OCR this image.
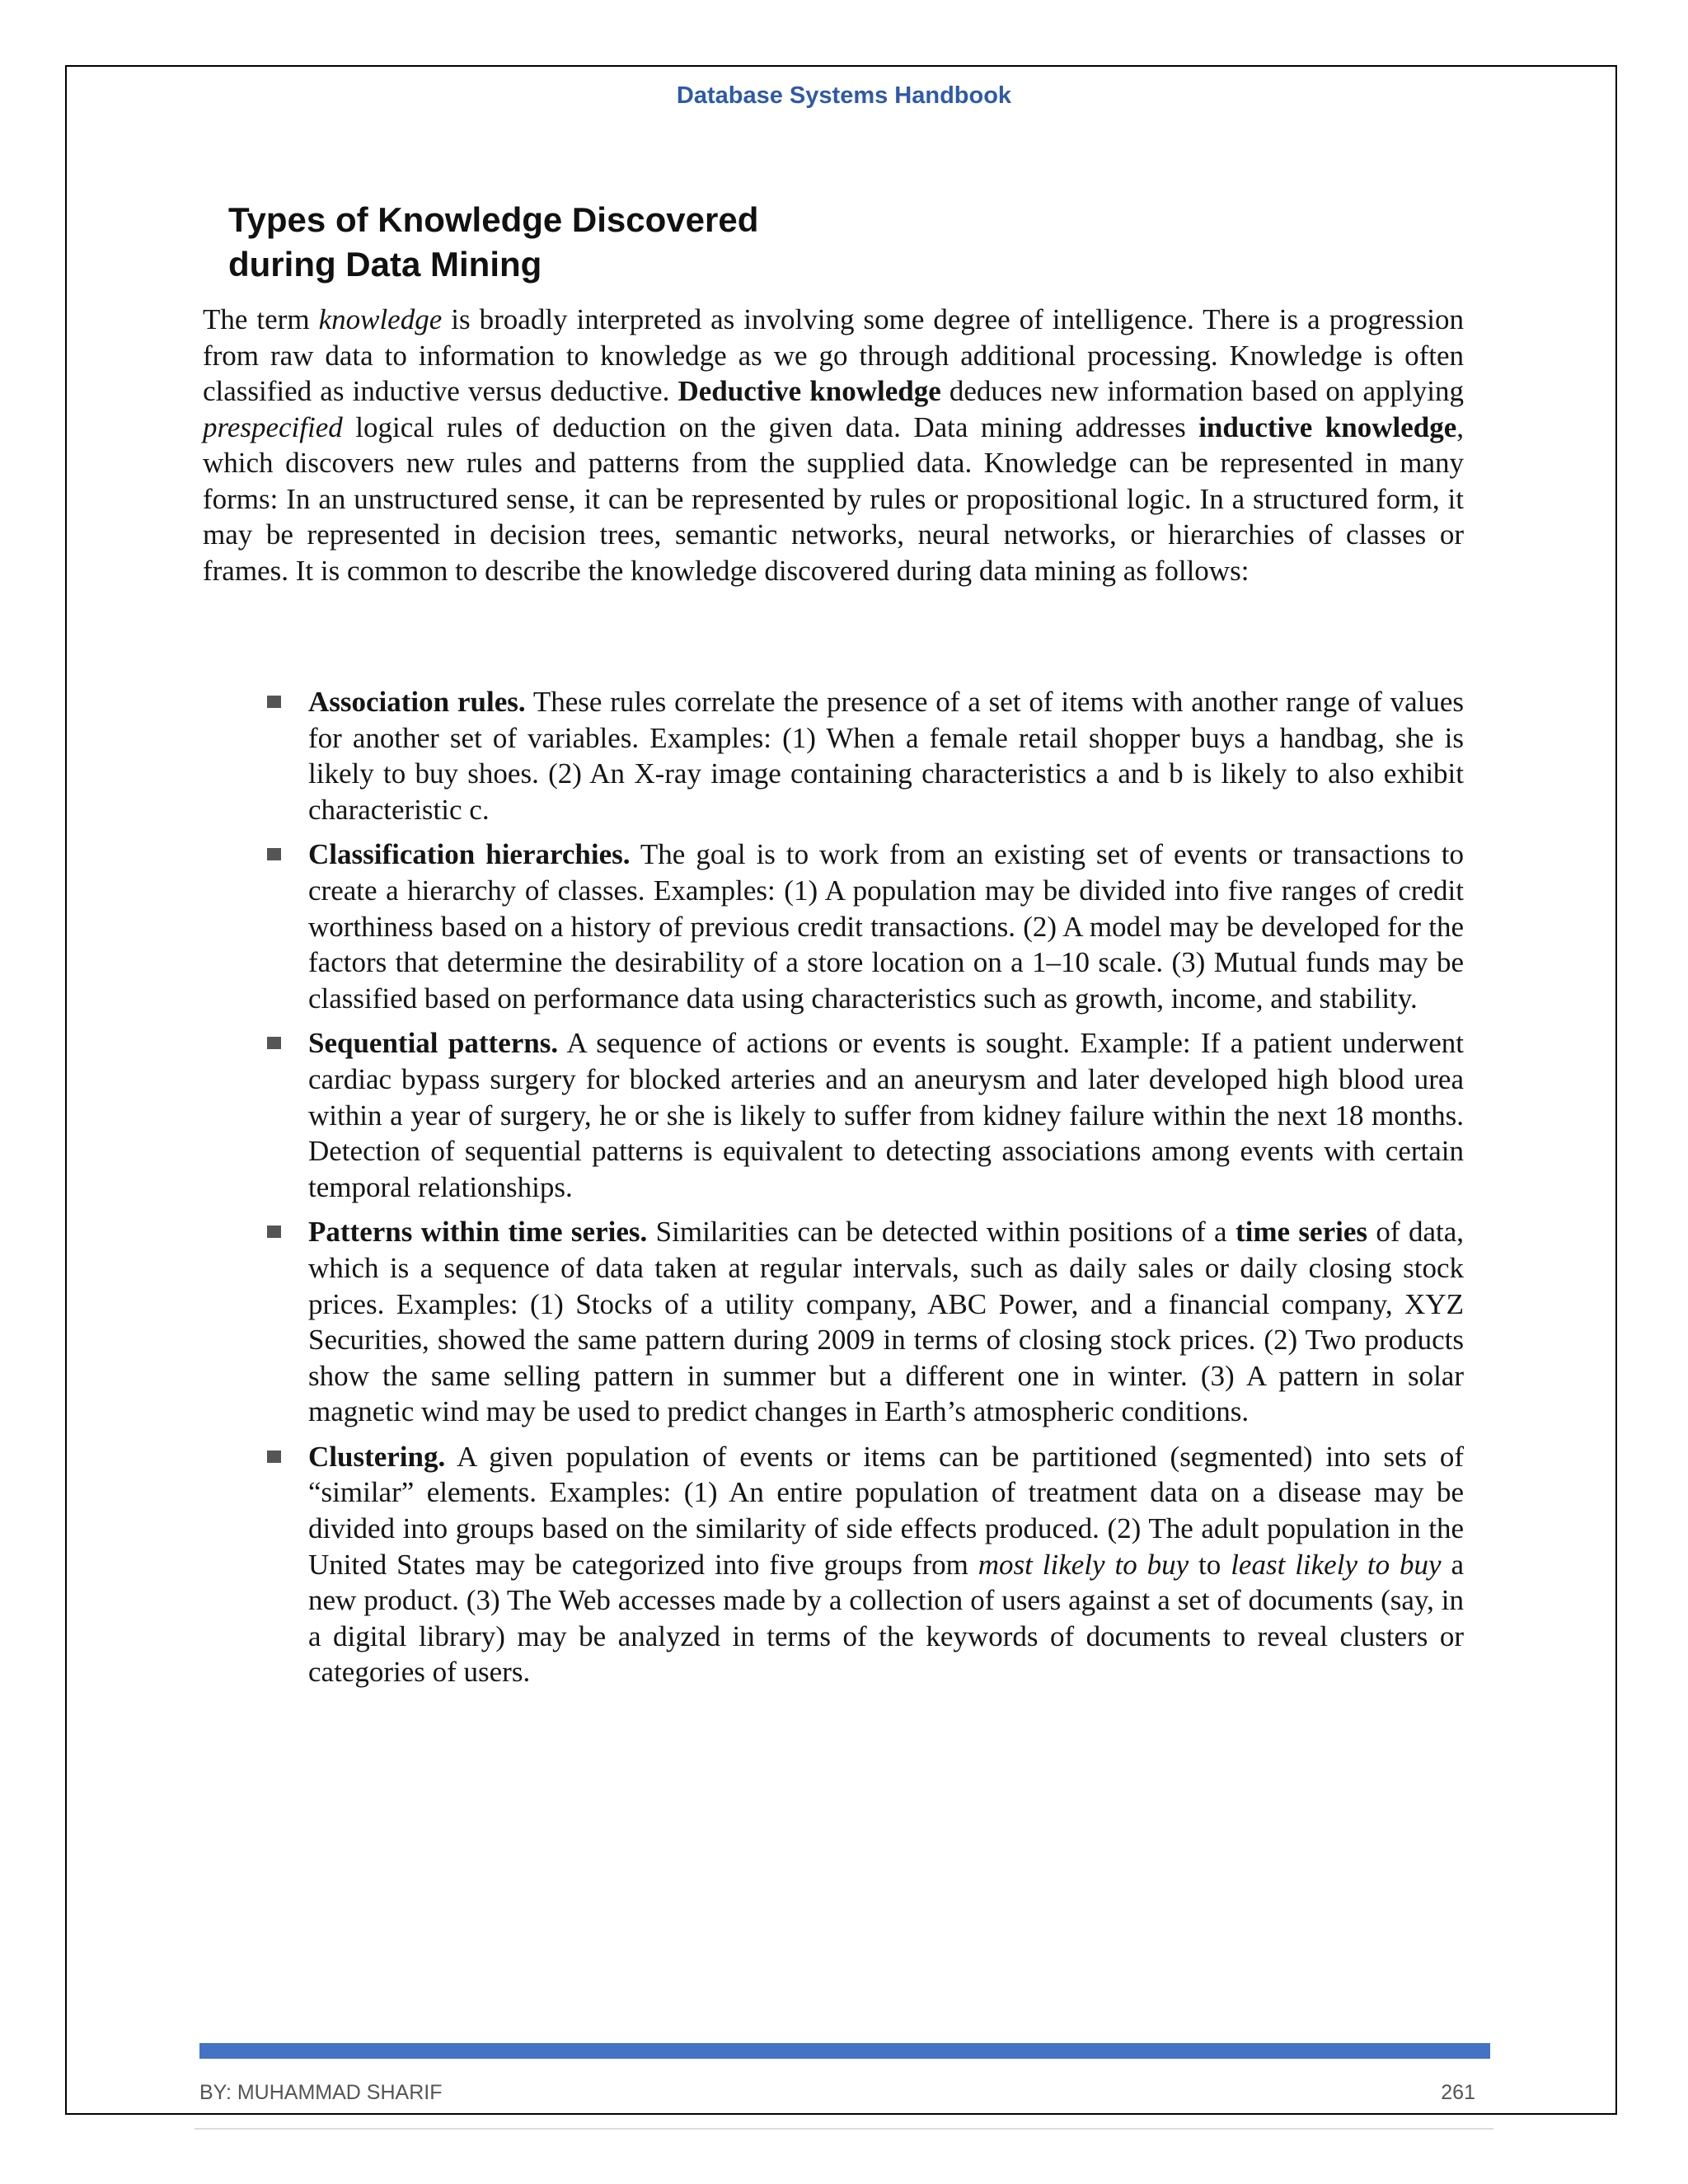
Database Systems Handbook
Types of Knowledge Discovered
during Data Mining

The term knowledge is broadly interpreted as involving some degree of intelligence. There is a progression from raw data to information to knowledge as we go through additional processing. Knowledge is often classified as inductive versus deductive. Deductive knowledge deduces new information based on applying prespecified logical rules of deduction on the given data. Data mining addresses inductive knowledge, which discovers new rules and patterns from the supplied data. Knowledge can be represented in many forms: In an unstructured sense, it can be represented by rules or propositional logic. In a structured form, it may be represented in decision trees, semantic networks, neural networks, or hierarchies of classes or frames. It is common to describe the knowledge discovered during data mining as follows:

Association rules. These rules correlate the presence of a set of items with another range of values for another set of variables. Examples: (1) When a female retail shopper buys a handbag, she is likely to buy shoes. (2) An X-ray image containing characteristics a and b is likely to also exhibit characteristic c.
Classification hierarchies. The goal is to work from an existing set of events or transactions to create a hierarchy of classes. Examples: (1) A population may be divided into five ranges of credit worthiness based on a history of previous credit transactions. (2) A model may be developed for the factors that determine the desirability of a store location on a 1–10 scale. (3) Mutual funds may be classified based on performance data using characteristics such as growth, income, and stability.
Sequential patterns. A sequence of actions or events is sought. Example: If a patient underwent cardiac bypass surgery for blocked arteries and an aneurysm and later developed high blood urea within a year of surgery, he or she is likely to suffer from kidney failure within the next 18 months. Detection of sequential patterns is equivalent to detecting associations among events with certain temporal relationships.
Patterns within time series. Similarities can be detected within positions of a time series of data, which is a sequence of data taken at regular intervals, such as daily sales or daily closing stock prices. Examples: (1) Stocks of a utility company, ABC Power, and a financial company, XYZ Securities, showed the same pattern during 2009 in terms of closing stock prices. (2) Two products show the same selling pattern in summer but a different one in winter. (3) A pattern in solar magnetic wind may be used to predict changes in Earth’s atmospheric conditions.
Clustering. A given population of events or items can be partitioned (segmented) into sets of “similar” elements. Examples: (1) An entire population of treatment data on a disease may be divided into groups based on the similarity of side effects produced. (2) The adult population in the United States may be categorized into five groups from most likely to buy to least likely to buy a new product. (3) The Web accesses made by a collection of users against a set of documents (say, in a digital library) may be analyzed in terms of the keywords of documents to reveal clusters or categories of users.
BY: MUHAMMAD SHARIF	261
